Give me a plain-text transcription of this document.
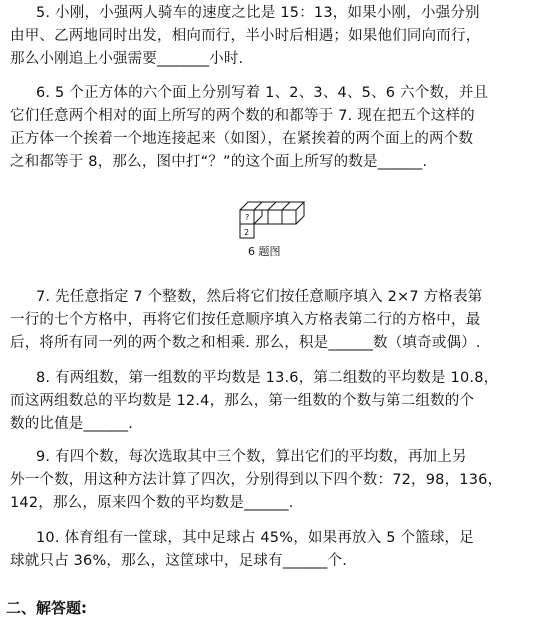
5. 小刚，小强两人骑车的速度之比是 15：13，如果小刚，小强分别
由甲、乙两地同时出发，相向而行，半小时后相遇；如果他们同向而行，
那么小刚追上小强需要_______小时.
6. 5 个正方体的六个面上分别写着 1、2、3、4、5、6 六个数，并且
它们任意两个相对的面上所写的两个数的和都等于 7. 现在把五个这样的
正方体一个挨着一个地连接起来（如图），在紧挨着的两个面上的两个数
之和都等于 8，那么，图中打“？”的这个面上所写的数是______.
?
2
6 题图
7. 先任意指定 7 个整数，然后将它们按任意顺序填入 2×7 方格表第
一行的七个方格中，再将它们按任意顺序填入方格表第二行的方格中，最
后，将所有同一列的两个数之和相乘. 那么，积是______数（填奇或偶）.
8. 有两组数，第一组数的平均数是 13.6，第二组数的平均数是 10.8，
而这两组数总的平均数是 12.4，那么，第一组数的个数与第二组数的个
数的比值是______.
9. 有四个数，每次选取其中三个数，算出它们的平均数，再加上另
外一个数，用这种方法计算了四次，分别得到以下四个数：72，98，136，
142，那么，原来四个数的平均数是______.
10. 体育组有一筐球，其中足球占 45%，如果再放入 5 个篮球，足
球就只占 36%，那么，这筐球中，足球有______个.
二、解答题:
